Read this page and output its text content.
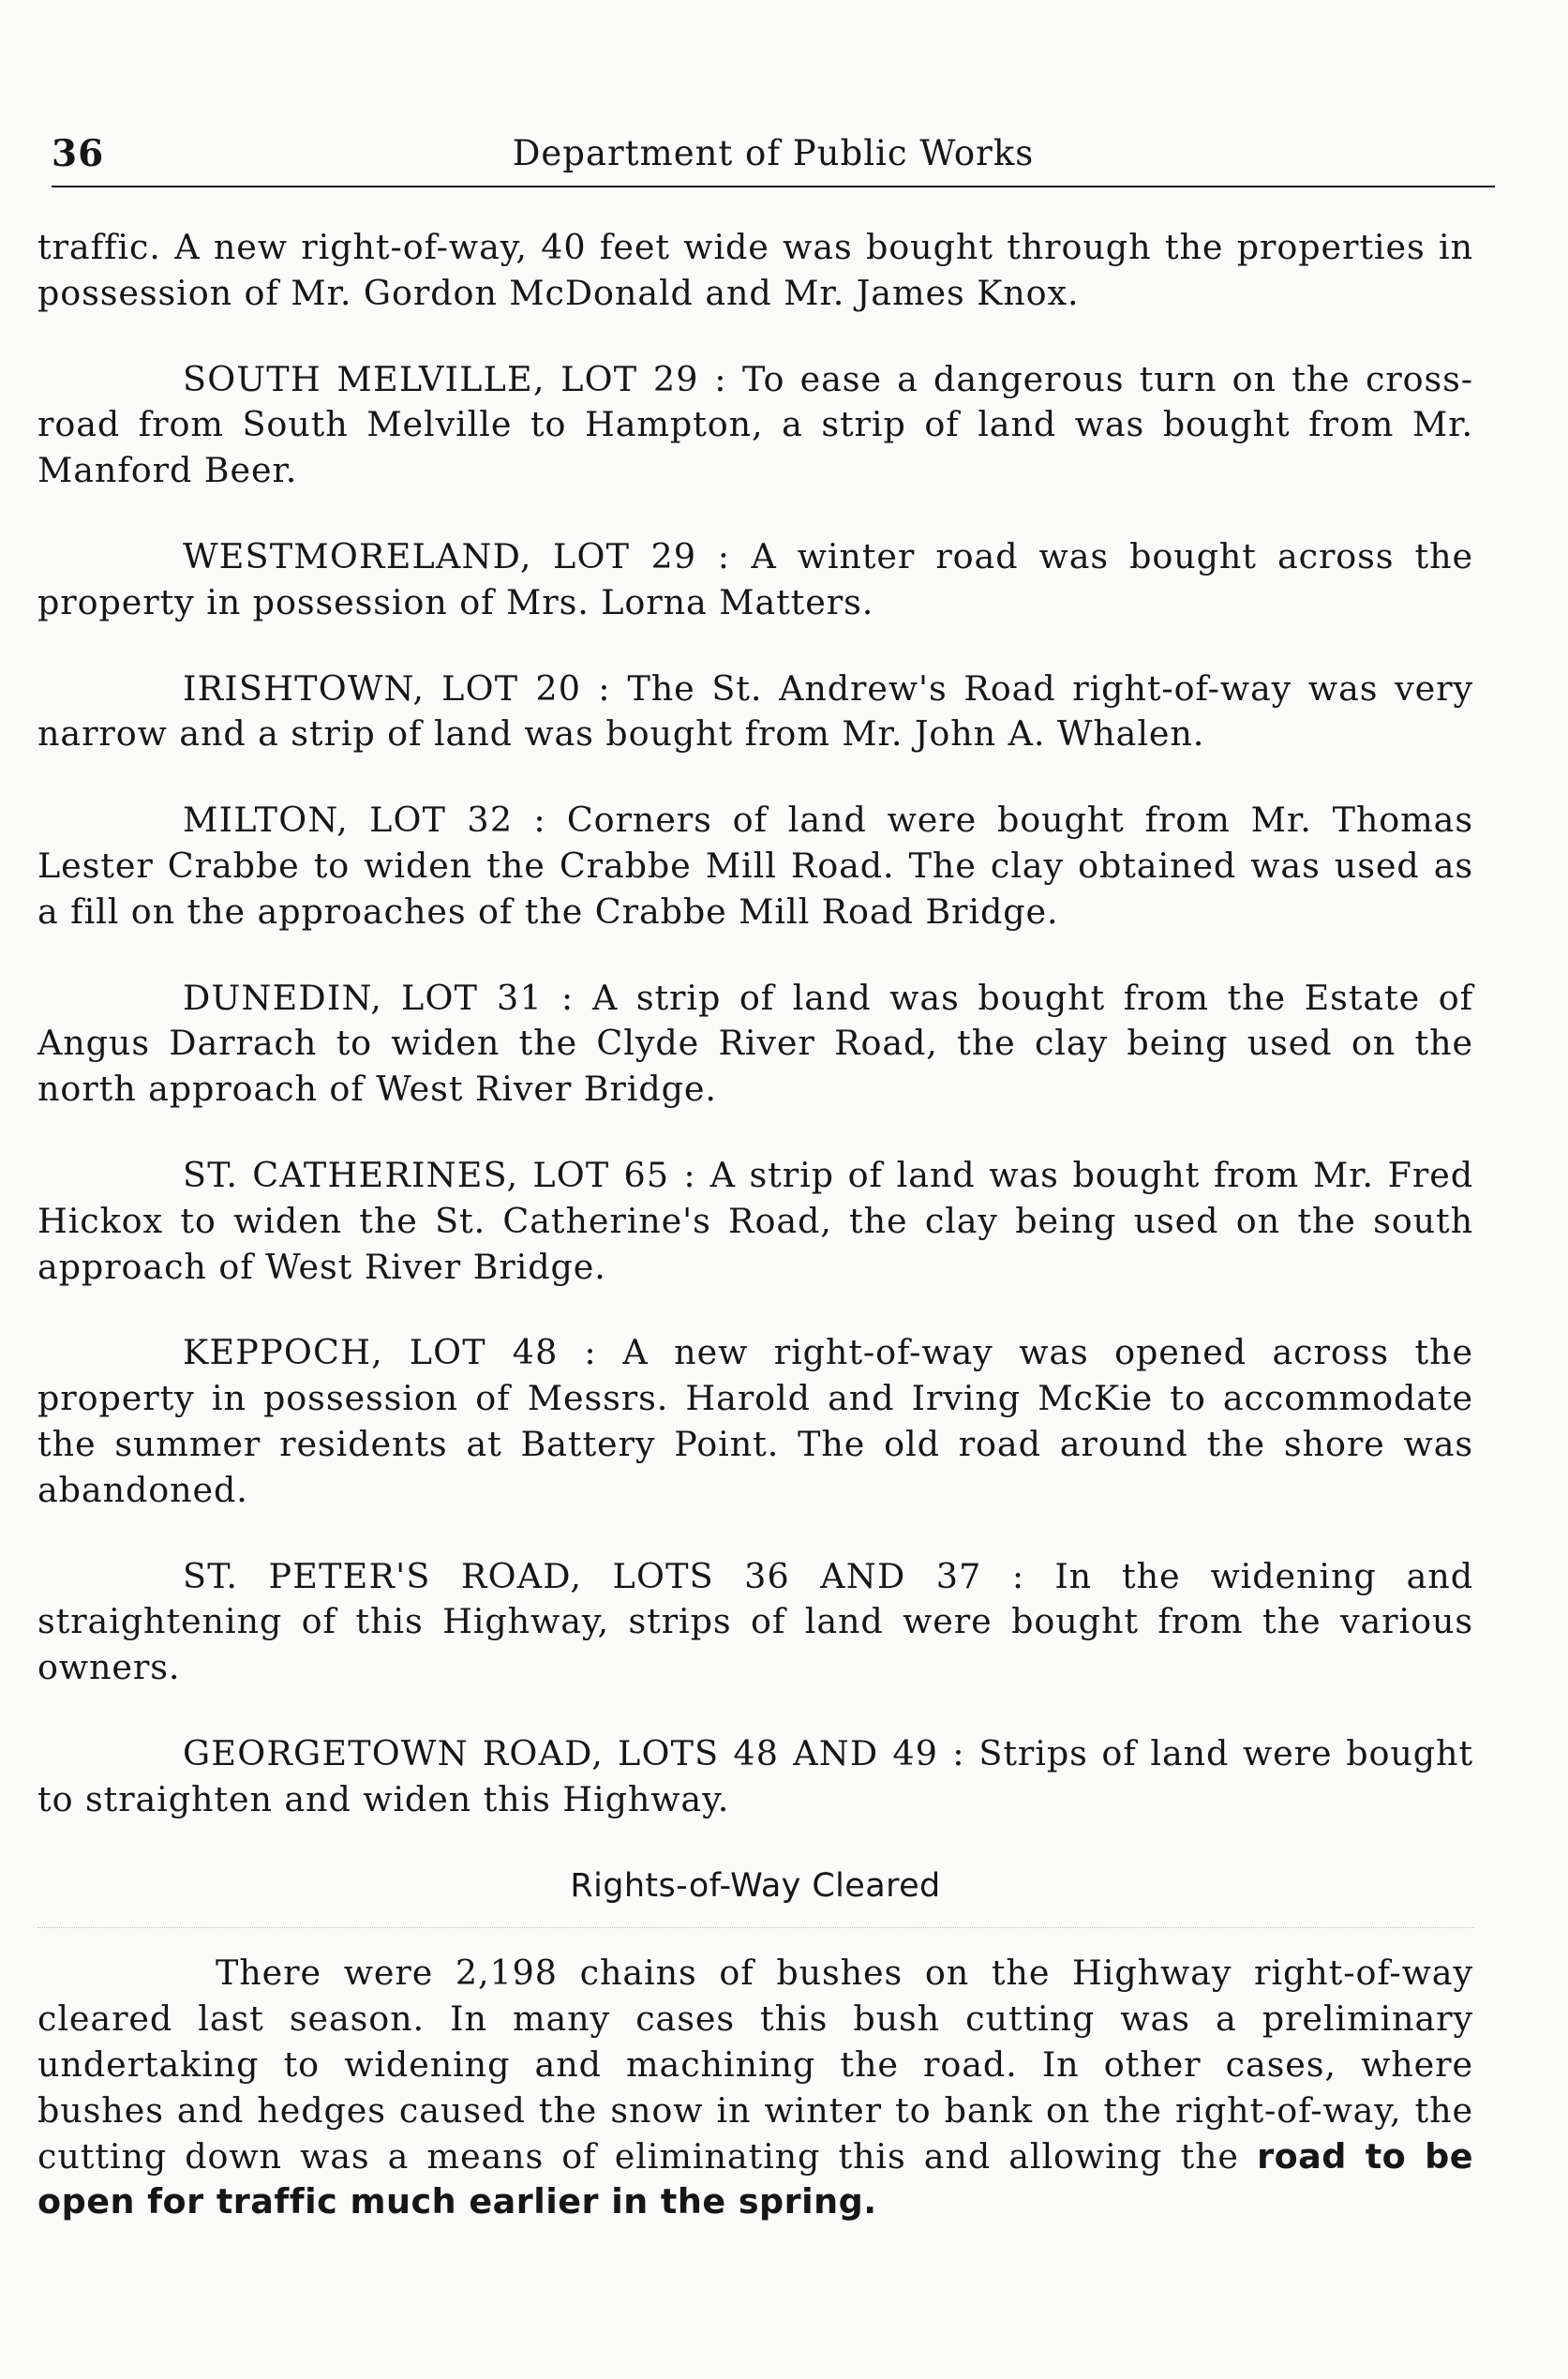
36	Department of Public Works

traffic. A new right-of-way, 40 feet wide was bought through the properties in possession of Mr. Gordon McDonald and Mr. James Knox.

SOUTH MELVILLE, LOT 29 : To ease a dangerous turn on the cross-road from South Melville to Hampton, a strip of land was bought from Mr. Manford Beer.

WESTMORELAND, LOT 29 : A winter road was bought across the property in possession of Mrs. Lorna Matters.

IRISHTOWN, LOT 20 : The St. Andrew's Road right-of-way was very narrow and a strip of land was bought from Mr. John A. Whalen.

MILTON, LOT 32 : Corners of land were bought from Mr. Thomas Lester Crabbe to widen the Crabbe Mill Road. The clay obtained was used as a fill on the approaches of the Crabbe Mill Road Bridge.

DUNEDIN, LOT 31 : A strip of land was bought from the Estate of Angus Darrach to widen the Clyde River Road, the clay being used on the north approach of West River Bridge.

ST. CATHERINES, LOT 65 : A strip of land was bought from Mr. Fred Hickox to widen the St. Catherine's Road, the clay being used on the south approach of West River Bridge.

KEPPOCH, LOT 48 : A new right-of-way was opened across the property in possession of Messrs. Harold and Irving McKie to accommodate the summer residents at Battery Point. The old road around the shore was abandoned.

ST. PETER'S ROAD, LOTS 36 AND 37 : In the widening and straightening of this Highway, strips of land were bought from the various owners.

GEORGETOWN ROAD, LOTS 48 AND 49 : Strips of land were bought to straighten and widen this Highway.

Rights-of-Way Cleared

There were 2,198 chains of bushes on the Highway right-of-way cleared last season. In many cases this bush cutting was a preliminary undertaking to widening and machining the road. In other cases, where bushes and hedges caused the snow in winter to bank on the right-of-way, the cutting down was a means of eliminating this and allowing the road to be open for traffic much earlier in the spring.
